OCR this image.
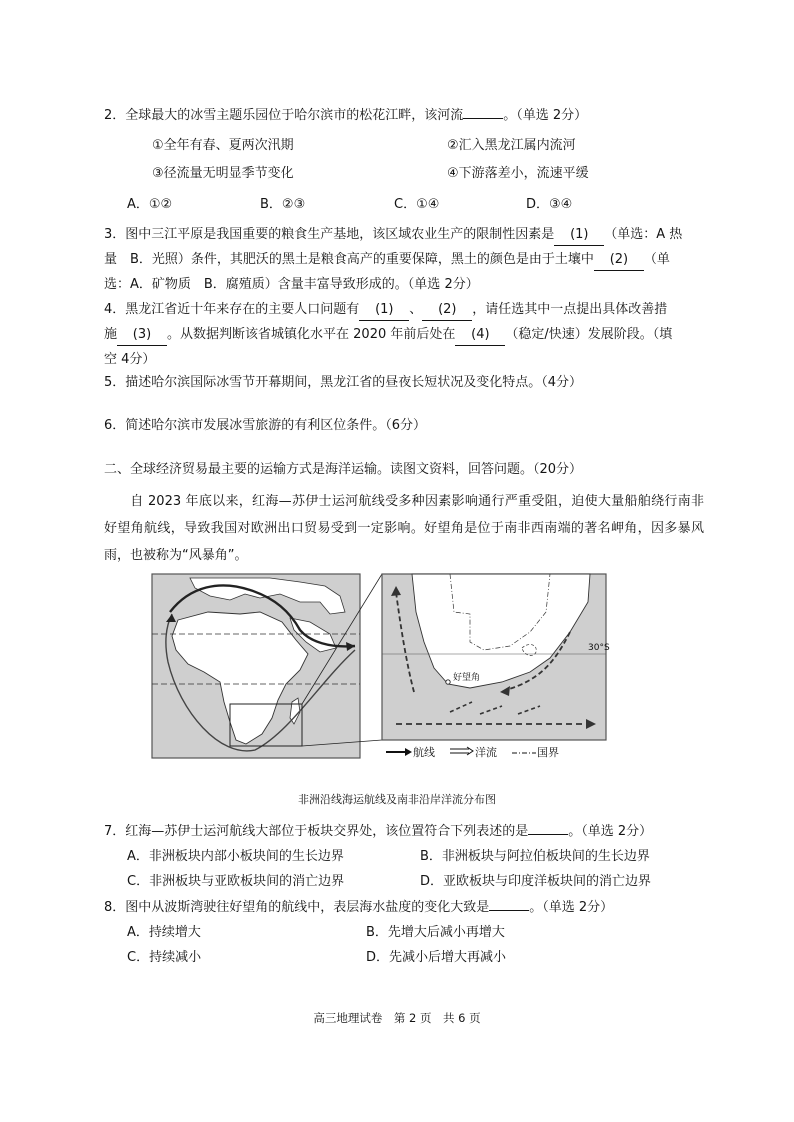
2．全球最大的冰雪主题乐园位于哈尔滨市的松花江畔，该河流	。（单选 2分）
①全年有春、夏两次汛期	②汇入黑龙江属内流河
③径流量无明显季节变化	④下游落差小，流速平缓
A．①②	B．②③	C．①④	D．③④
3．图中三江平原是我国重要的粮食生产基地，该区域农业生产的限制性因素是 (1) （单选：A 热
量　B．光照）条件，其肥沃的黑土是粮食高产的重要保障，黑土的颜色是由于土壤中 (2) （单
选：A．矿物质　B．腐殖质）含量丰富导致形成的。（单选 2分）
4．黑龙江省近十年来存在的主要人口问题有 (1) 、 (2) ，请任选其中一点提出具体改善措
施 (3) 。从数据判断该省城镇化水平在 2020 年前后处在 (4) （稳定/快速）发展阶段。（填
空 4分）
5．描述哈尔滨国际冰雪节开幕期间，黑龙江省的昼夜长短状况及变化特点。（4分）
6．简述哈尔滨市发展冰雪旅游的有利区位条件。（6分）
二、全球经济贸易最主要的运输方式是海洋运输。读图文资料，回答问题。（20分）
自 2023 年底以来，红海—苏伊士运河航线受多种因素影响通行严重受阻，迫使大量船舶绕行南非好望角航线，导致我国对欧洲出口贸易受到一定影响。好望角是位于南非西南端的著名岬角，因多暴风雨，也被称为“风暴角”。
好望角
30°S
航线	洋流	国界
非洲沿线海运航线及南非沿岸洋流分布图
7．红海—苏伊士运河航线大部位于板块交界处，该位置符合下列表述的是	。（单选 2分）
A．非洲板块内部小板块间的生长边界	B．非洲板块与阿拉伯板块间的生长边界
C．非洲板块与亚欧板块间的消亡边界	D．亚欧板块与印度洋板块间的消亡边界
8．图中从波斯湾驶往好望角的航线中，表层海水盐度的变化大致是	。（单选 2分）
A．持续增大	B．先增大后减小再增大
C．持续减小	D．先减小后增大再减小
高三地理试卷　第 2 页　共 6 页
